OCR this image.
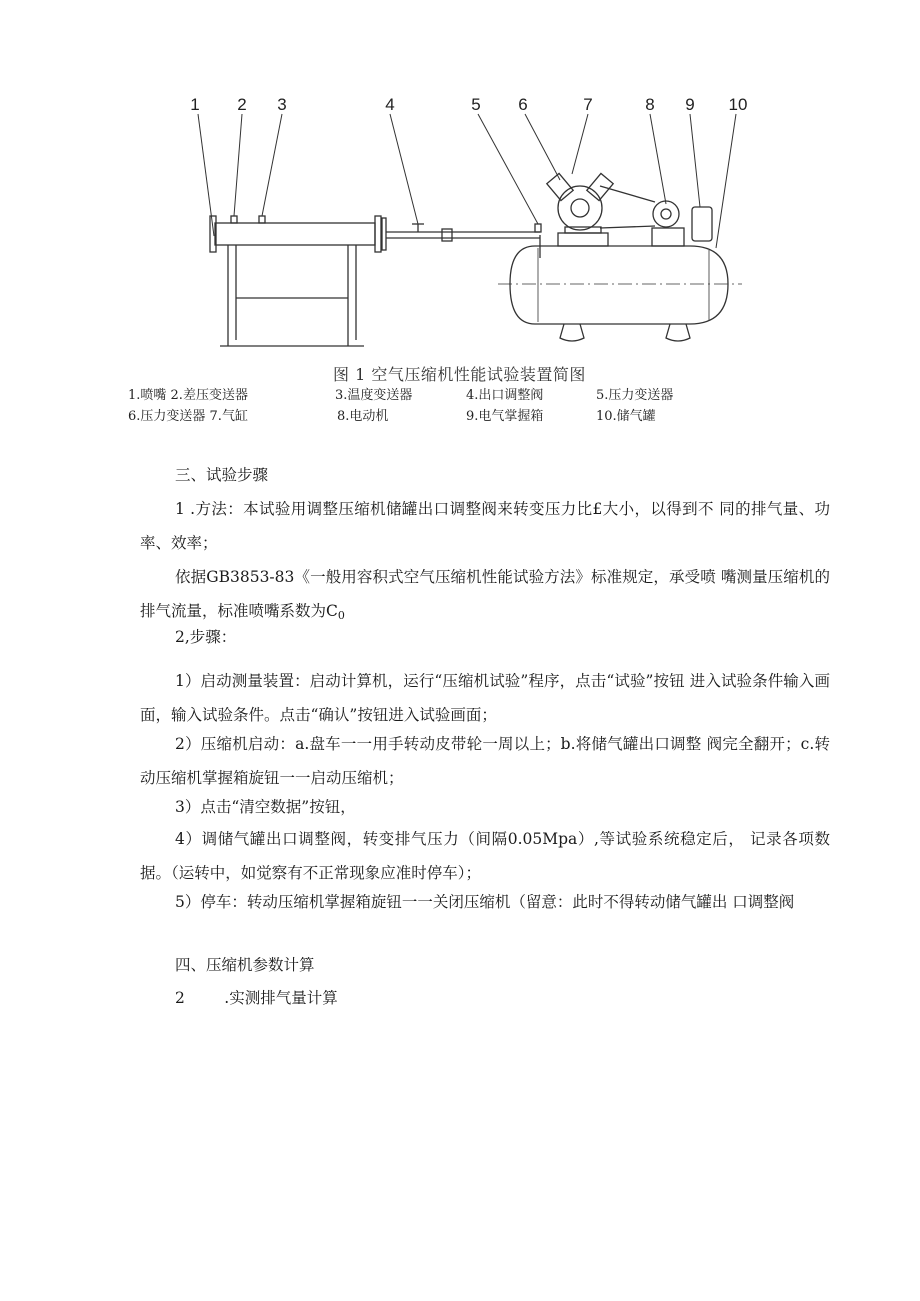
1 2 3	4	5 6	7	8 9 10
图 1 空气压缩机性能试验装置简图
1.喷嘴 2.差压变送器	3.温度变送器	4.出口调整阀	5.压力变送器
6.压力变送器 7.气缸	8.电动机	9.电气掌握箱	10.储气罐

三、试验步骤

1 .方法：本试验用调整压缩机储罐出口调整阀来转变压力比£大小，以得到不 同的排气量、功率、效率；

依据GB3853-83《一般用容积式空气压缩机性能试验方法》标准规定，承受喷 嘴测量压缩机的排气流量，标准喷嘴系数为C0

2,步骤：

1）启动测量装置：启动计算机，运行“压缩机试验”程序，点击“试验”按钮 进入试验条件输入画面，输入试验条件。点击“确认”按钮进入试验画面；

2）压缩机启动：a.盘车一一用手转动皮带轮一周以上；b.将储气罐出口调整 阀完全翻开；c.转动压缩机掌握箱旋钮一一启动压缩机；

3）点击“清空数据”按钮，

4）调储气罐出口调整阀，转变排气压力（间隔0.05Mpa）,等试验系统稳定后， 记录各项数据。（运转中，如觉察有不正常现象应准时停车）；

5）停车：转动压缩机掌握箱旋钮一一关闭压缩机（留意：此时不得转动储气罐出 口调整阀

四、压缩机参数计算

2        .实测排气量计算
